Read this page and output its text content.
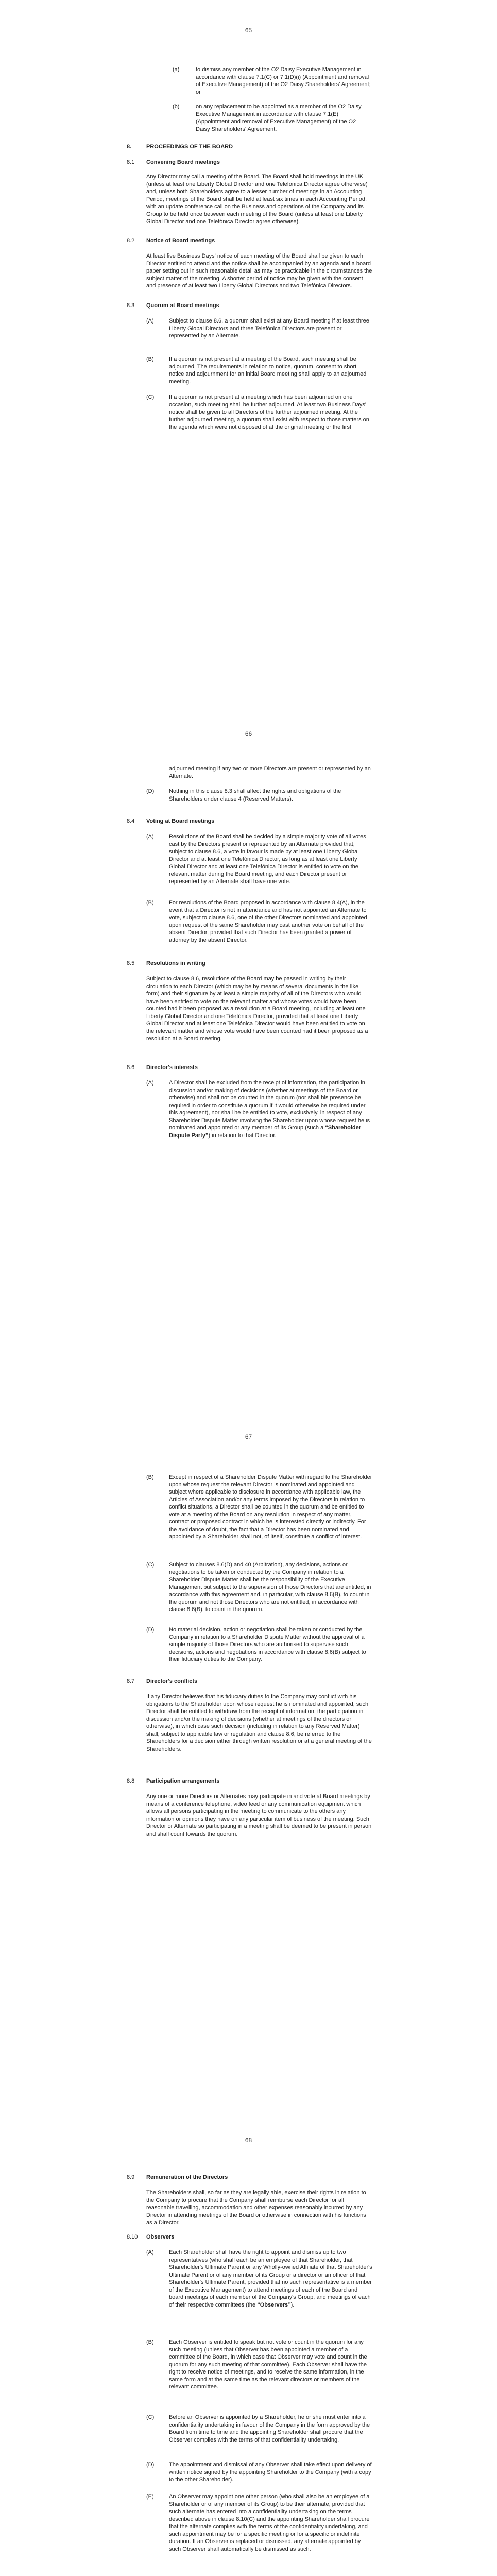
65
(a)	to dismiss any member of the O2 Daisy Executive Management in accordance with clause 7.1(C) or 7.1(D)(i) (Appointment and removal of Executive Management) of the O2 Daisy Shareholders' Agreement; or
(b)	on any replacement to be appointed as a member of the O2 Daisy Executive Management in accordance with clause 7.1(E) (Appointment and removal of Executive Management) of the O2 Daisy Shareholders' Agreement.
8.	PROCEEDINGS OF THE BOARD
8.1 Convening Board meetings
Any Director may call a meeting of the Board. The Board shall hold meetings in the UK (unless at least one Liberty Global Director and one Telefónica Director agree otherwise) and, unless both Shareholders agree to a lesser number of meetings in an Accounting Period, meetings of the Board shall be held at least six times in each Accounting Period, with an update conference call on the Business and operations of the Company and its Group to be held once between each meeting of the Board (unless at least one Liberty Global Director and one Telefónica Director agree otherwise).
8.2 Notice of Board meetings
At least five Business Days' notice of each meeting of the Board shall be given to each Director entitled to attend and the notice shall be accompanied by an agenda and a board paper setting out in such reasonable detail as may be practicable in the circumstances the subject matter of the meeting. A shorter period of notice may be given with the consent and presence of at least two Liberty Global Directors and two Telefónica Directors.
8.3 Quorum at Board meetings
(A)	Subject to clause 8.6, a quorum shall exist at any Board meeting if at least three Liberty Global Directors and three Telefónica Directors are present or represented by an Alternate.
(B)	If a quorum is not present at a meeting of the Board, such meeting shall be adjourned. The requirements in relation to notice, quorum, consent to short notice and adjournment for an initial Board meeting shall apply to an adjourned meeting.
(C)	If a quorum is not present at a meeting which has been adjourned on one occasion, such meeting shall be further adjourned. At least two Business Days' notice shall be given to all Directors of the further adjourned meeting. At the further adjourned meeting, a quorum shall exist with respect to those matters on the agenda which were not disposed of at the original meeting or the first
66
adjourned meeting if any two or more Directors are present or represented by an Alternate.
(D)	Nothing in this clause 8.3 shall affect the rights and obligations of the Shareholders under clause 4 (Reserved Matters).
8.4 Voting at Board meetings
(A)	Resolutions of the Board shall be decided by a simple majority vote of all votes cast by the Directors present or represented by an Alternate provided that, subject to clause 8.6, a vote in favour is made by at least one Liberty Global Director and at least one Telefónica Director, as long as at least one Liberty Global Director and at least one Telefónica Director is entitled to vote on the relevant matter during the Board meeting, and each Director present or represented by an Alternate shall have one vote.
(B)	For resolutions of the Board proposed in accordance with clause 8.4(A), in the event that a Director is not in attendance and has not appointed an Alternate to vote, subject to clause 8.6, one of the other Directors nominated and appointed upon request of the same Shareholder may cast another vote on behalf of the absent Director, provided that such Director has been granted a power of attorney by the absent Director.
8.5 Resolutions in writing
Subject to clause 8.6, resolutions of the Board may be passed in writing by their circulation to each Director (which may be by means of several documents in the like form) and their signature by at least a simple majority of all of the Directors who would have been entitled to vote on the relevant matter and whose votes would have been counted had it been proposed as a resolution at a Board meeting, including at least one Liberty Global Director and one Telefónica Director, provided that at least one Liberty Global Director and at least one Telefónica Director would have been entitled to vote on the relevant matter and whose vote would have been counted had it been proposed as a resolution at a Board meeting.
8.6 Director's interests
(A)	A Director shall be excluded from the receipt of information, the participation in discussion and/or making of decisions (whether at meetings of the Board or otherwise) and shall not be counted in the quorum (nor shall his presence be required in order to constitute a quorum if it would otherwise be required under this agreement), nor shall he be entitled to vote, exclusively, in respect of any Shareholder Dispute Matter involving the Shareholder upon whose request he is nominated and appointed or any member of its Group (such a “Shareholder Dispute Party”) in relation to that Director.
67
(B)	Except in respect of a Shareholder Dispute Matter with regard to the Shareholder upon whose request the relevant Director is nominated and appointed and subject where applicable to disclosure in accordance with applicable law, the Articles of Association and/or any terms imposed by the Directors in relation to conflict situations, a Director shall be counted in the quorum and be entitled to vote at a meeting of the Board on any resolution in respect of any matter, contract or proposed contract in which he is interested directly or indirectly. For the avoidance of doubt, the fact that a Director has been nominated and appointed by a Shareholder shall not, of itself, constitute a conflict of interest.
(C)	Subject to clauses 8.6(D) and 40 (Arbitration), any decisions, actions or negotiations to be taken or conducted by the Company in relation to a Shareholder Dispute Matter shall be the responsibility of the Executive Management but subject to the supervision of those Directors that are entitled, in accordance with this agreement and, in particular, with clause 8.6(B), to count in the quorum and not those Directors who are not entitled, in accordance with clause 8.6(B), to count in the quorum.
(D)	No material decision, action or negotiation shall be taken or conducted by the Company in relation to a Shareholder Dispute Matter without the approval of a simple majority of those Directors who are authorised to supervise such decisions, actions and negotiations in accordance with clause 8.6(B) subject to their fiduciary duties to the Company.
8.7 Director's conflicts
If any Director believes that his fiduciary duties to the Company may conflict with his obligations to the Shareholder upon whose request he is nominated and appointed, such Director shall be entitled to withdraw from the receipt of information, the participation in discussion and/or the making of decisions (whether at meetings of the directors or otherwise), in which case such decision (including in relation to any Reserved Matter) shall, subject to applicable law or regulation and clause 8.6, be referred to the Shareholders for a decision either through written resolution or at a general meeting of the Shareholders.
8.8 Participation arrangements
Any one or more Directors or Alternates may participate in and vote at Board meetings by means of a conference telephone, video feed or any communication equipment which allows all persons participating in the meeting to communicate to the others any information or opinions they have on any particular item of business of the meeting. Such Director or Alternate so participating in a meeting shall be deemed to be present in person and shall count towards the quorum.
68
8.9 Remuneration of the Directors
The Shareholders shall, so far as they are legally able, exercise their rights in relation to the Company to procure that the Company shall reimburse each Director for all reasonable travelling, accommodation and other expenses reasonably incurred by any Director in attending meetings of the Board or otherwise in connection with his functions as a Director.
8.10 Observers
(A)	Each Shareholder shall have the right to appoint and dismiss up to two representatives (who shall each be an employee of that Shareholder, that Shareholder's Ultimate Parent or any Wholly-owned Affiliate of that Shareholder's Ultimate Parent or of any member of its Group or a director or an officer of that Shareholder's Ultimate Parent, provided that no such representative is a member of the Executive Management) to attend meetings of each of the Board and board meetings of each member of the Company's Group, and meetings of each of their respective committees (the “Observers”).
(B)	Each Observer is entitled to speak but not vote or count in the quorum for any such meeting (unless that Observer has been appointed a member of a committee of the Board, in which case that Observer may vote and count in the quorum for any such meeting of that committee). Each Observer shall have the right to receive notice of meetings, and to receive the same information, in the same form and at the same time as the relevant directors or members of the relevant committee.
(C)	Before an Observer is appointed by a Shareholder, he or she must enter into a confidentiality undertaking in favour of the Company in the form approved by the Board from time to time and the appointing Shareholder shall procure that the Observer complies with the terms of that confidentiality undertaking.
(D)	The appointment and dismissal of any Observer shall take effect upon delivery of written notice signed by the appointing Shareholder to the Company (with a copy to the other Shareholder).
(E)	An Observer may appoint one other person (who shall also be an employee of a Shareholder or of any member of its Group) to be their alternate, provided that such alternate has entered into a confidentiality undertaking on the terms described above in clause 8.10(C) and the appointing Shareholder shall procure that the alternate complies with the terms of the confidentiality undertaking, and such appointment may be for a specific meeting or for a specific or indefinite duration. If an Observer is replaced or dismissed, any alternate appointed by such Observer shall automatically be dismissed as such.
